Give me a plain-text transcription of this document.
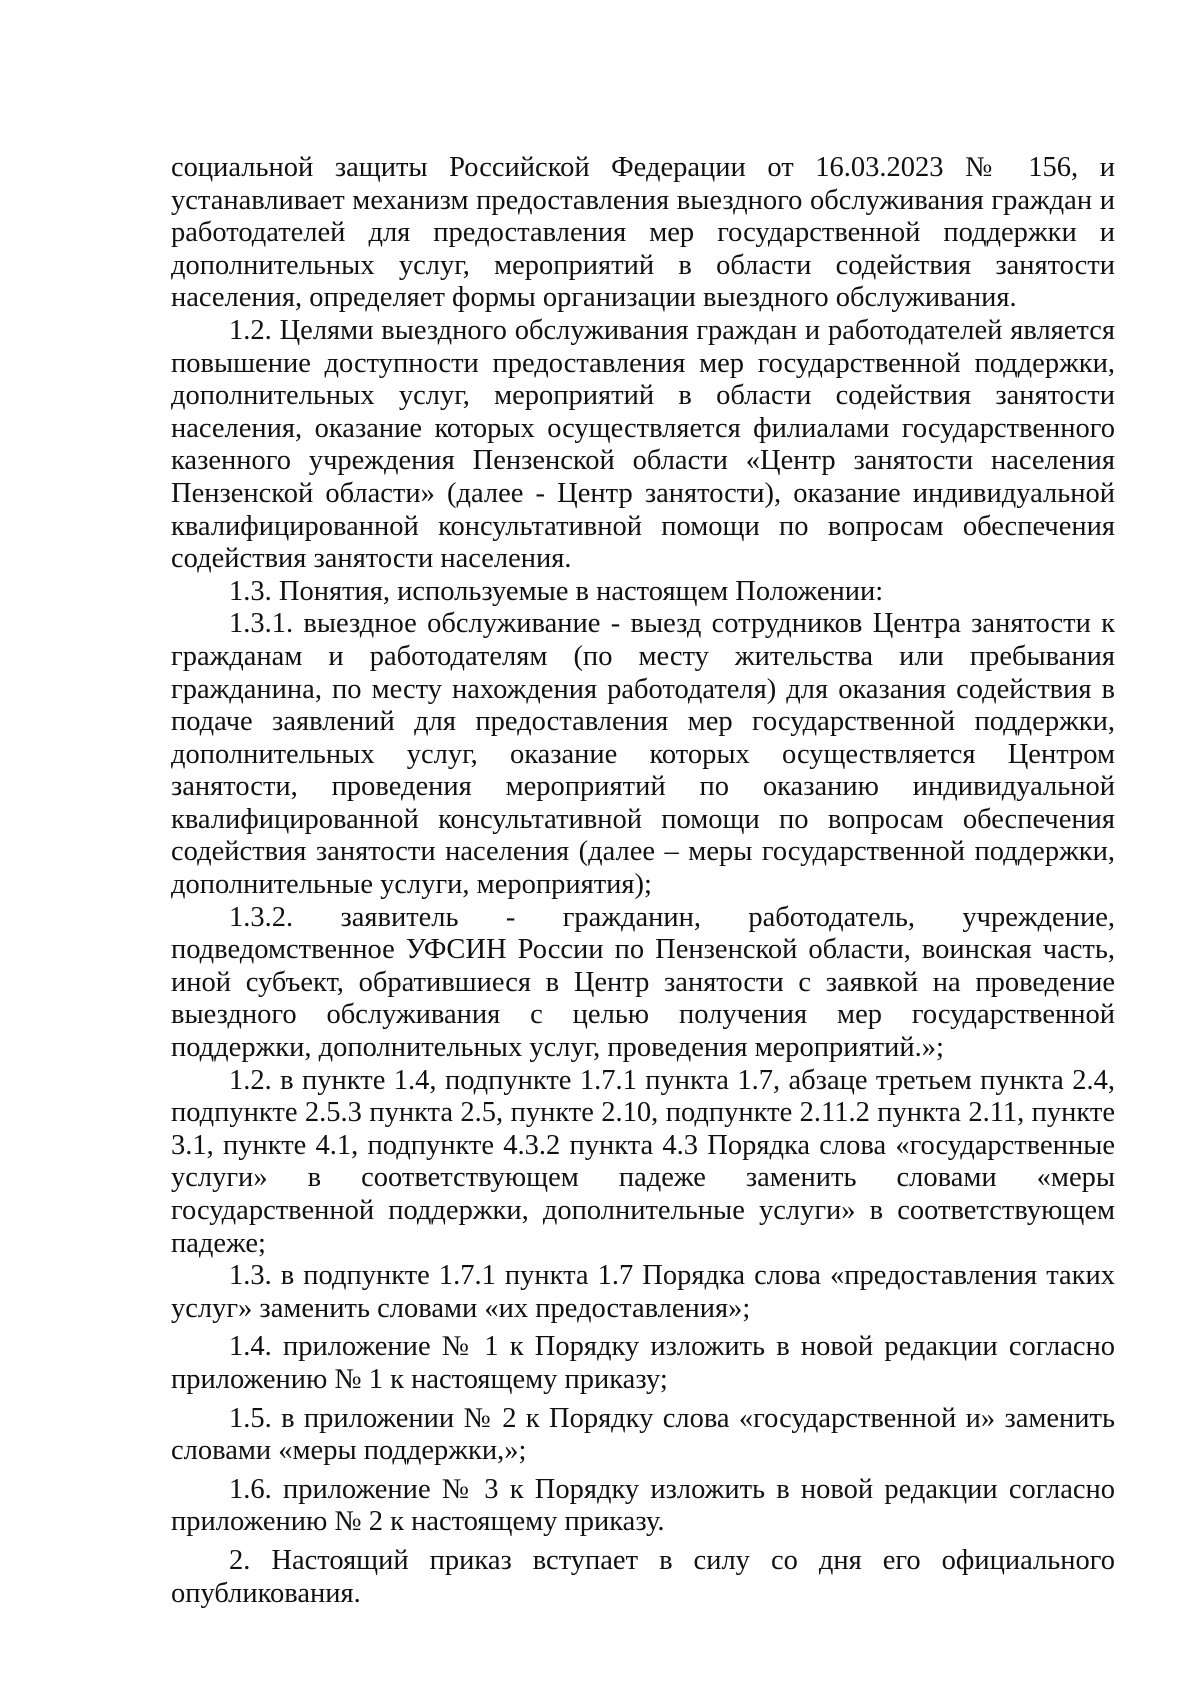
социальной защиты Российской Федерации от 16.03.2023 № 156, и устанавливает механизм предоставления выездного обслуживания граждан и работодателей для предоставления мер государственной поддержки и дополнительных услуг, мероприятий в области содействия занятости населения, определяет формы организации выездного обслуживания.

1.2. Целями выездного обслуживания граждан и работодателей является повышение доступности предоставления мер государственной поддержки, дополнительных услуг, мероприятий в области содействия занятости населения, оказание которых осуществляется филиалами государственного казенного учреждения Пензенской области «Центр занятости населения Пензенской области» (далее - Центр занятости), оказание индивидуальной квалифицированной консультативной помощи по вопросам обеспечения содействия занятости населения.

1.3. Понятия, используемые в настоящем Положении:

1.3.1. выездное обслуживание - выезд сотрудников Центра занятости к гражданам и работодателям (по месту жительства или пребывания гражданина, по месту нахождения работодателя) для оказания содействия в подаче заявлений для предоставления мер государственной поддержки, дополнительных услуг, оказание которых осуществляется Центром занятости, проведения мероприятий по оказанию индивидуальной квалифицированной консультативной помощи по вопросам обеспечения содействия занятости населения (далее – меры государственной поддержки, дополнительные услуги, мероприятия);

1.3.2. заявитель - гражданин, работодатель, учреждение, подведомственное УФСИН России по Пензенской области, воинская часть, иной субъект, обратившиеся в Центр занятости с заявкой на проведение выездного обслуживания с целью получения мер государственной поддержки, дополнительных услуг, проведения мероприятий.»;

1.2. в пункте 1.4, подпункте 1.7.1 пункта 1.7, абзаце третьем пункта 2.4, подпункте 2.5.3 пункта 2.5, пункте 2.10, подпункте 2.11.2 пункта 2.11, пункте 3.1, пункте 4.1, подпункте 4.3.2 пункта 4.3 Порядка слова «государственные услуги» в соответствующем падеже заменить словами «меры государственной поддержки, дополнительные услуги» в соответствующем падеже;

1.3. в подпункте 1.7.1 пункта 1.7 Порядка слова «предоставления таких услуг» заменить словами «их предоставления»;

1.4. приложение № 1 к Порядку изложить в новой редакции согласно приложению № 1 к настоящему приказу;

1.5. в приложении № 2 к Порядку слова «государственной и» заменить словами «меры поддержки,»;

1.6. приложение № 3 к Порядку изложить в новой редакции согласно приложению № 2 к настоящему приказу.

2. Настоящий приказ вступает в силу со дня его официального опубликования.
